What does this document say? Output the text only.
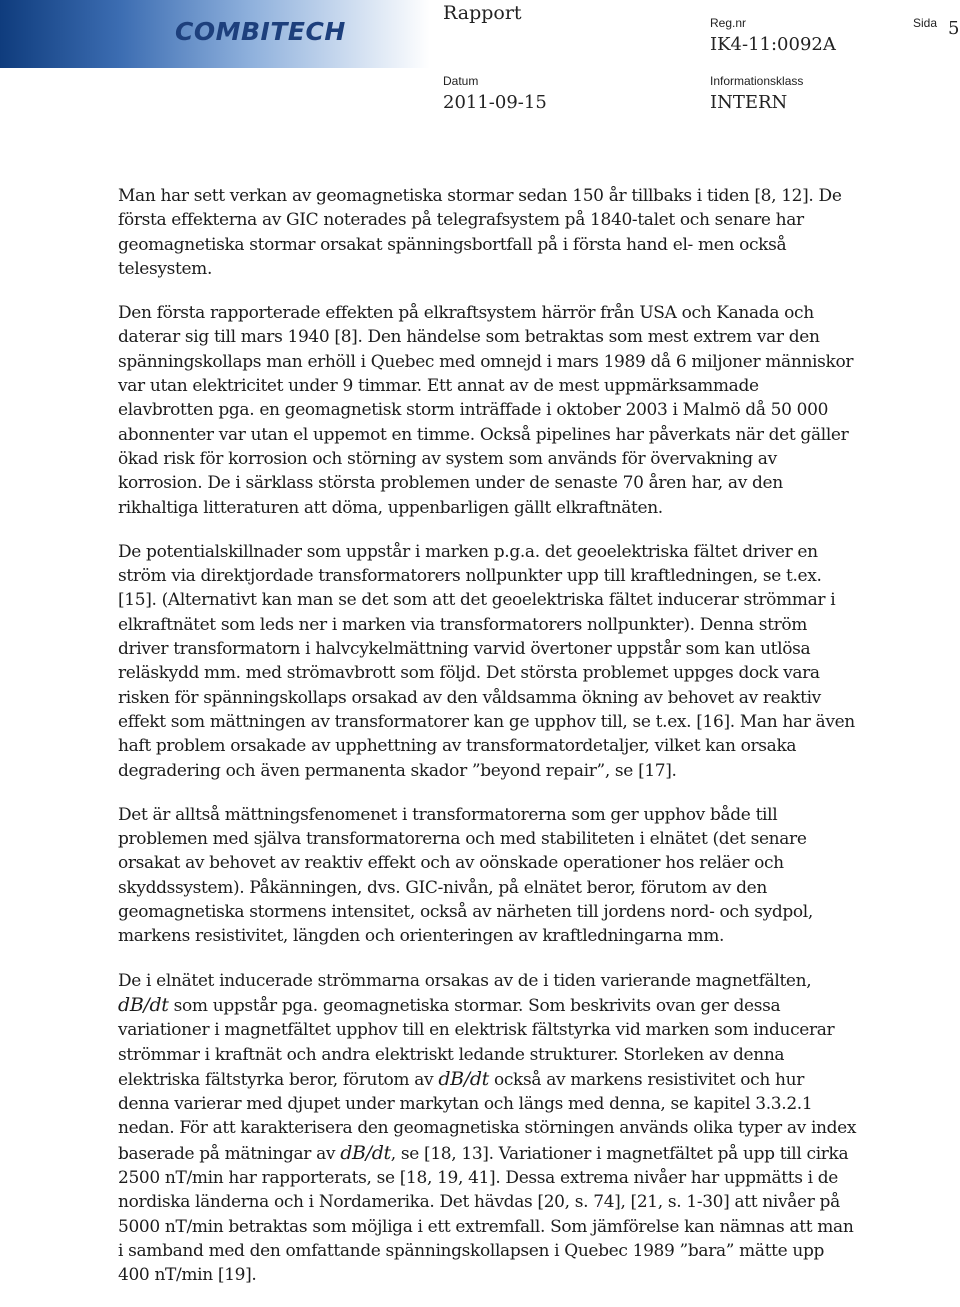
COMBITECH
Rapport	Reg.nr
IK4-11:0092A
Sida 5
Datum
2011-09-15
Informationsklass
INTERN

Man har sett verkan av geomagnetiska stormar sedan 150 år tillbaks i tiden [8, 12]. De första effekterna av GIC noterades på telegrafsystem på 1840-talet och senare har geomagnetiska stormar orsakat spänningsbortfall på i första hand el- men också telesystem.

Den första rapporterade effekten på elkraftsystem härrör från USA och Kanada och daterar sig till mars 1940 [8]. Den händelse som betraktas som mest extrem var den spänningskollaps man erhöll i Quebec med omnejd i mars 1989 då 6 miljoner människor var utan elektricitet under 9 timmar. Ett annat av de mest uppmärksammade elavbrotten pga. en geomagnetisk storm inträffade i oktober 2003 i Malmö då 50 000 abonnenter var utan el uppemot en timme. Också pipelines har påverkats när det gäller ökad risk för korrosion och störning av system som används för övervakning av korrosion. De i särklass största problemen under de senaste 70 åren har, av den rikhaltiga litteraturen att döma, uppenbarligen gällt elkraftnäten.

De potentialskillnader som uppstår i marken p.g.a. det geoelektriska fältet driver en ström via direktjordade transformatorers nollpunkter upp till kraftledningen, se t.ex. [15]. (Alternativt kan man se det som att det geoelektriska fältet inducerar strömmar i elkraftnätet som leds ner i marken via transformatorers nollpunkter). Denna ström driver transformatorn i halvcykelmättning varvid övertoner uppstår som kan utlösa reläskydd mm. med strömavbrott som följd. Det största problemet uppges dock vara risken för spänningskollaps orsakad av den våldsamma ökning av behovet av reaktiv effekt som mättningen av transformatorer kan ge upphov till, se t.ex. [16]. Man har även haft problem orsakade av upphettning av transformatordetaljer, vilket kan orsaka degradering och även permanenta skador ”beyond repair”, se [17].

Det är alltså mättningsfenomenet i transformatorerna som ger upphov både till problemen med själva transformatorerna och med stabiliteten i elnätet (det senare orsakat av behovet av reaktiv effekt och av oönskade operationer hos reläer och skyddssystem). Påkänningen, dvs. GIC-nivån, på elnätet beror, förutom av den geomagnetiska stormens intensitet, också av närheten till jordens nord- och sydpol, markens resistivitet, längden och orienteringen av kraftledningarna mm.

De i elnätet inducerade strömmarna orsakas av de i tiden varierande magnetfälten, dB/dt som uppstår pga. geomagnetiska stormar. Som beskrivits ovan ger dessa variationer i magnetfältet upphov till en elektrisk fältstyrka vid marken som inducerar strömmar i kraftnät och andra elektriskt ledande strukturer. Storleken av denna elektriska fältstyrka beror, förutom av dB/dt också av markens resistivitet och hur denna varierar med djupet under markytan och längs med denna, se kapitel 3.3.2.1 nedan. För att karakterisera den geomagnetiska störningen används olika typer av index baserade på mätningar av dB/dt, se [18, 13]. Variationer i magnetfältet på upp till cirka 2500 nT/min har rapporterats, se [18, 19, 41]. Dessa extrema nivåer har uppmätts i de nordiska länderna och i Nordamerika. Det hävdas [20, s. 74], [21, s. 1-30] att nivåer på 5000 nT/min betraktas som möjliga i ett extremfall. Som jämförelse kan nämnas att man i samband med den omfattande spänningskollapsen i Quebec 1989 ”bara” mätte upp 400 nT/min [19].
